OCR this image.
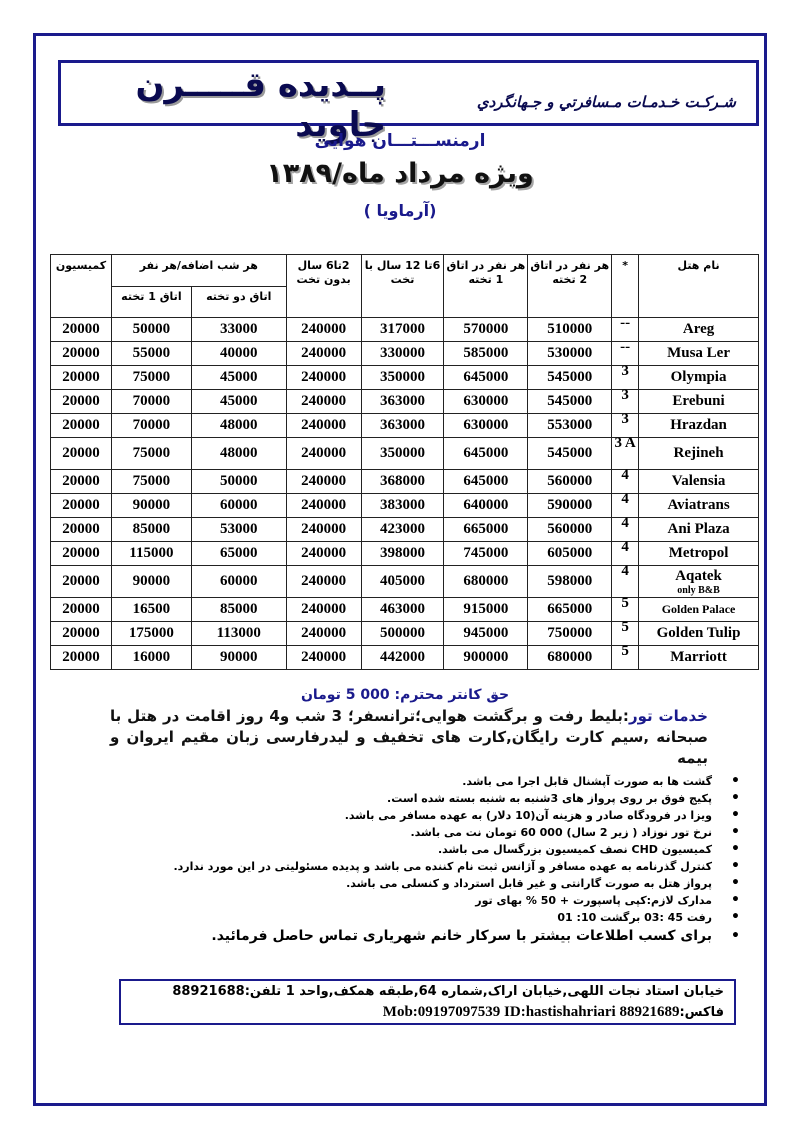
پــدیده قـــــرن جاوید
شـرکـت خـدمـات مـسافرتي و جـهانگردي
ارمنســـتـــان هوایی
ویژه مرداد ماه/۱۳۸۹
(آرماویا )
کمیسیون	هر شب اضافه/هر نفر		2تا6 سال بدون تخت	6تا 12 سال با تخت	هر نفر در اتاق 1 تخته	هر نفر در اتاق 2 تخته	*	نام هتل
	اتاق 1 تخته	اتاق دو تخته						
20000	50000	33000	240000	317000	570000	510000	--	Areg
20000	55000	40000	240000	330000	585000	530000	--	Musa Ler
20000	75000	45000	240000	350000	645000	545000	3	Olympia
20000	70000	45000	240000	363000	630000	545000	3	Erebuni
20000	70000	48000	240000	363000	630000	553000	3	Hrazdan
20000	75000	48000	240000	350000	645000	545000	3 A	Rejineh
20000	75000	50000	240000	368000	645000	560000	4	Valensia
20000	90000	60000	240000	383000	640000	590000	4	Aviatrans
20000	85000	53000	240000	423000	665000	560000	4	Ani Plaza
20000	115000	65000	240000	398000	745000	605000	4	Metropol
20000	90000	60000	240000	405000	680000	598000	4	Aqatek
only B&B

20000	16500	85000	240000	463000	915000	665000	5	Golden Palace
20000	175000	113000	240000	500000	945000	750000	5	Golden Tulip
20000	16000	90000	240000	442000	900000	680000	5	Marriott
حق کانتر محترم: 000 5 تومان
خدمات تور:بلیط رفت و برگشت هوایی؛ترانسفر؛ 3 شب و4 روز اقامت در هتل با صبحانه ,سیم کارت رایگان,کارت های تخفیف و لیدرفارسی زبان مقیم ایروان و بیمه
•
گشت ها به صورت آپشنال قابل اجرا می باشد.
•
پکیج فوق بر روی پرواز های 3شنبه به شنبه بسته شده است.
•
ویزا در فرودگاه صادر و هزینه آن(10 دلار) به عهده مسافر می باشد.
•
نرخ تور نوزاد ( زیر 2 سال) 000 60 تومان نت می باشد.
•
کمیسیون CHD نصف کمیسیون بزرگسال می باشد.
•
کنترل گذرنامه به عهده مسافر و آژانس ثبت نام کننده می باشد و پدیده مسئولیتی در این مورد ندارد.
•
پرواز هتل به صورت گارانتی و غیر قابل استرداد و کنسلی می باشد.
•
مدارک لازم:کپی پاسپورت + 50 % بهای تور
•
رفت 45 :03 برگشت 10: 01
•
برای کسب اطلاعات بیشتر با سرکار خانم شهریاری تماس حاصل فرمائید.
خیابان استاد نجات اللهی,خیابان اراک,شماره 64,طبقه همکف,واحد 1 تلفن:88921688
فاکس:Mob:09197097539 ID:hastishahriari 88921689
